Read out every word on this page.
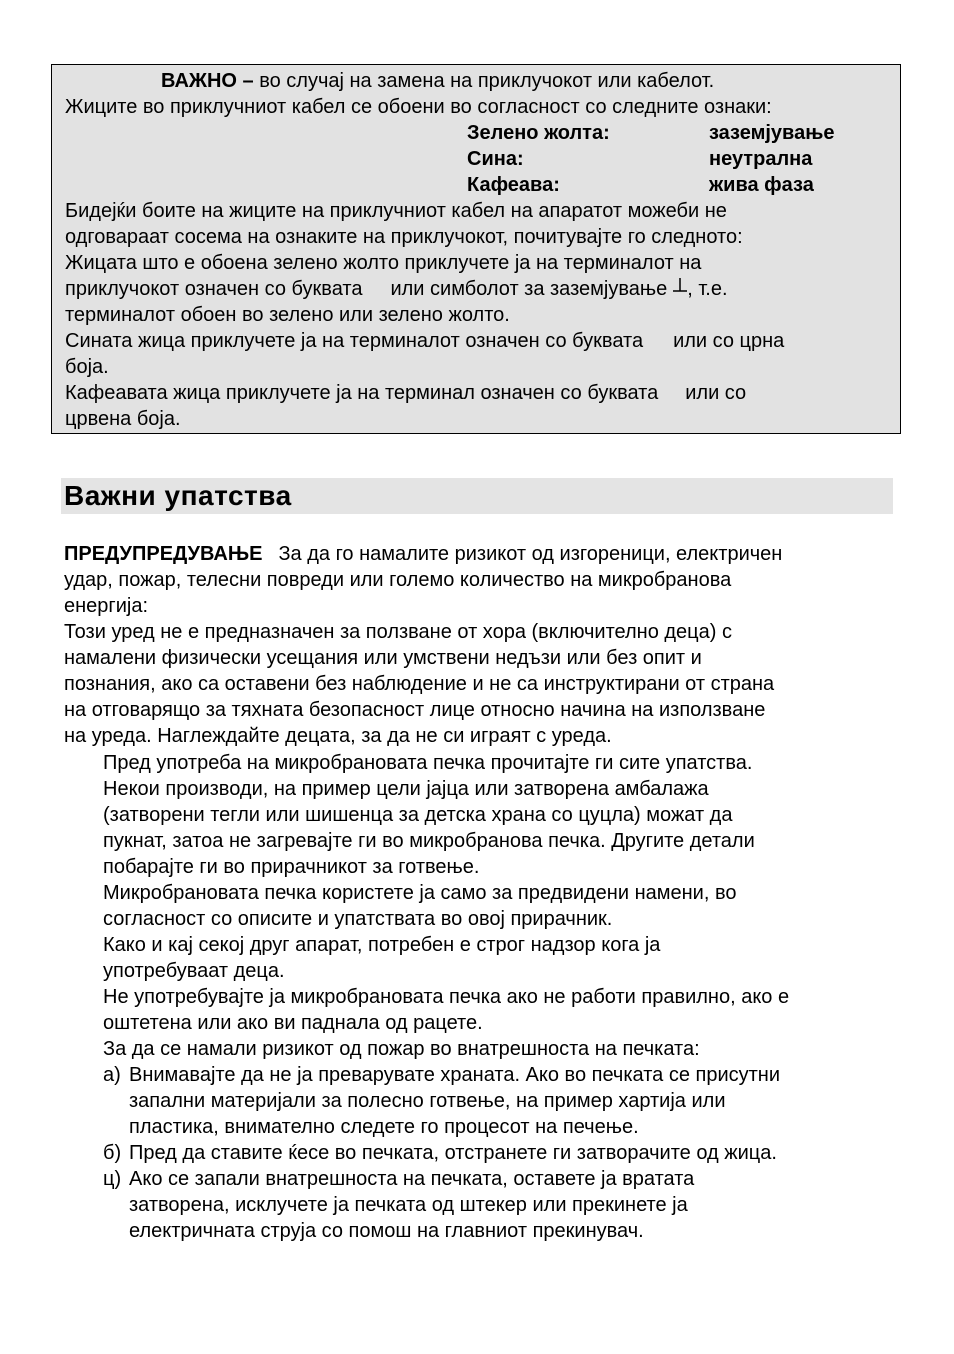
ВАЖНО – во случај на замена на приклучокот или кабелот.
Жиците во приклучниот кабел се обоени во согласност со следните ознаки:
Зелено жолта:	заземјување
Сина:	неутрална
Кафеава:	жива фаза
Бидејќи боите на жиците на приклучниот кабел на апаратот можеби не
одговараат сосема на ознаките на приклучокот, почитувајте го следното:
Жицата што е обоена зелено жолто приклучете ја на терминалот на
приклучокот означен со буквата или симболот за заземјување , т.е.
терминалот обоен во зелено или зелено жолто.
Сината жица приклучете ја на терминалот означен со буквата или со црна
боја.
Кафеавата жица приклучете ја на терминал означен со буквата или со
црвена боја.
Важни упатства
ПРЕДУПРЕДУВАЊЕ За да го намалите ризикот од изгореници, електричен
удар, пожар, телесни повреди или големо количество на микробранова
енергија:
Този уред не е предназначен за ползване от хора (включително деца) с
намалени физически усещания или умствени недъзи или без опит и
познания, ако са оставени без наблюдение и не са инструктирани от страна
на отговарящо за тяхната безопасност лице относно начина на използване
на уреда. Наглеждайте децата, за да не си играят с уреда.
Пред употреба на микробрановата печка прочитајте ги сите упатства.
Некои производи, на пример цели јајца или затворена амбалажа
(затворени тегли или шишенца за детска храна со цуцла) можат да
пукнат, затоа не загревајте ги во микробранова печка. Другите детали
побарајте ги во прирачникот за готвење.
Микробрановата печка користете ја само за предвидени намени, во
согласност со описите и упатствата во овој прирачник.
Како и кај секој друг апарат, потребен е строг надзор кога ја
употребуваат деца.
Не употребувајте ја микробрановата печка ако не работи правилно, ако е
оштетена или ако ви паднала од рацете.
За да се намали ризикот од пожар во внатрешноста на печката:
а) Внимавајте да не ја преварувате храната. Ако во печката се присутни
запални материјали за полесно готвење, на пример хартија или
пластика, внимателно следете го процесот на печење.
б) Пред да ставите ќесе во печката, отстранете ги затворачите од жица.
ц) Ако се запали внатрешноста на печката, оставете ја вратата
затворена, исклучете ја печката од штекер или прекинете ја
електричната струја со помош на главниот прекинувач.
